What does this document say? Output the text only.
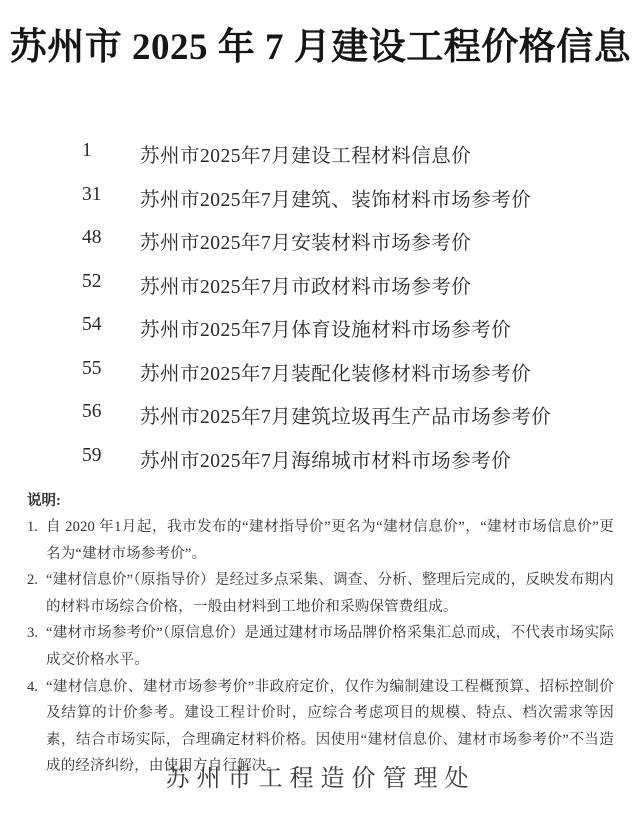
苏州市 2025 年 7 月建设工程价格信息
1	苏州市2025年7月建设工程材料信息价
31	苏州市2025年7月建筑、装饰材料市场参考价
48	苏州市2025年7月安装材料市场参考价
52	苏州市2025年7月市政材料市场参考价
54	苏州市2025年7月体育设施材料市场参考价
55	苏州市2025年7月装配化装修材料市场参考价
56	苏州市2025年7月建筑垃圾再生产品市场参考价
59	苏州市2025年7月海绵城市材料市场参考价
说明:
1. 自 2020 年1月起，我市发布的“建材指导价”更名为“建材信息价”，“建材市场信息价”更名为“建材市场参考价”。
2. “建材信息价”（原指导价）是经过多点采集、调查、分析、整理后完成的，反映发布期内的材料市场综合价格，一般由材料到工地价和采购保管费组成。
3. “建材市场参考价”（原信息价）是通过建材市场品牌价格采集汇总而成，不代表市场实际成交价格水平。
4. “建材信息价、建材市场参考价”非政府定价，仅作为编制建设工程概预算、招标控制价及结算的计价参考。建设工程计价时，应综合考虑项目的规模、特点、档次需求等因素，结合市场实际，合理确定材料价格。因使用“建材信息价、建材市场参考价”不当造成的经济纠纷，由使用方自行解决。
苏州市工程造价管理处
